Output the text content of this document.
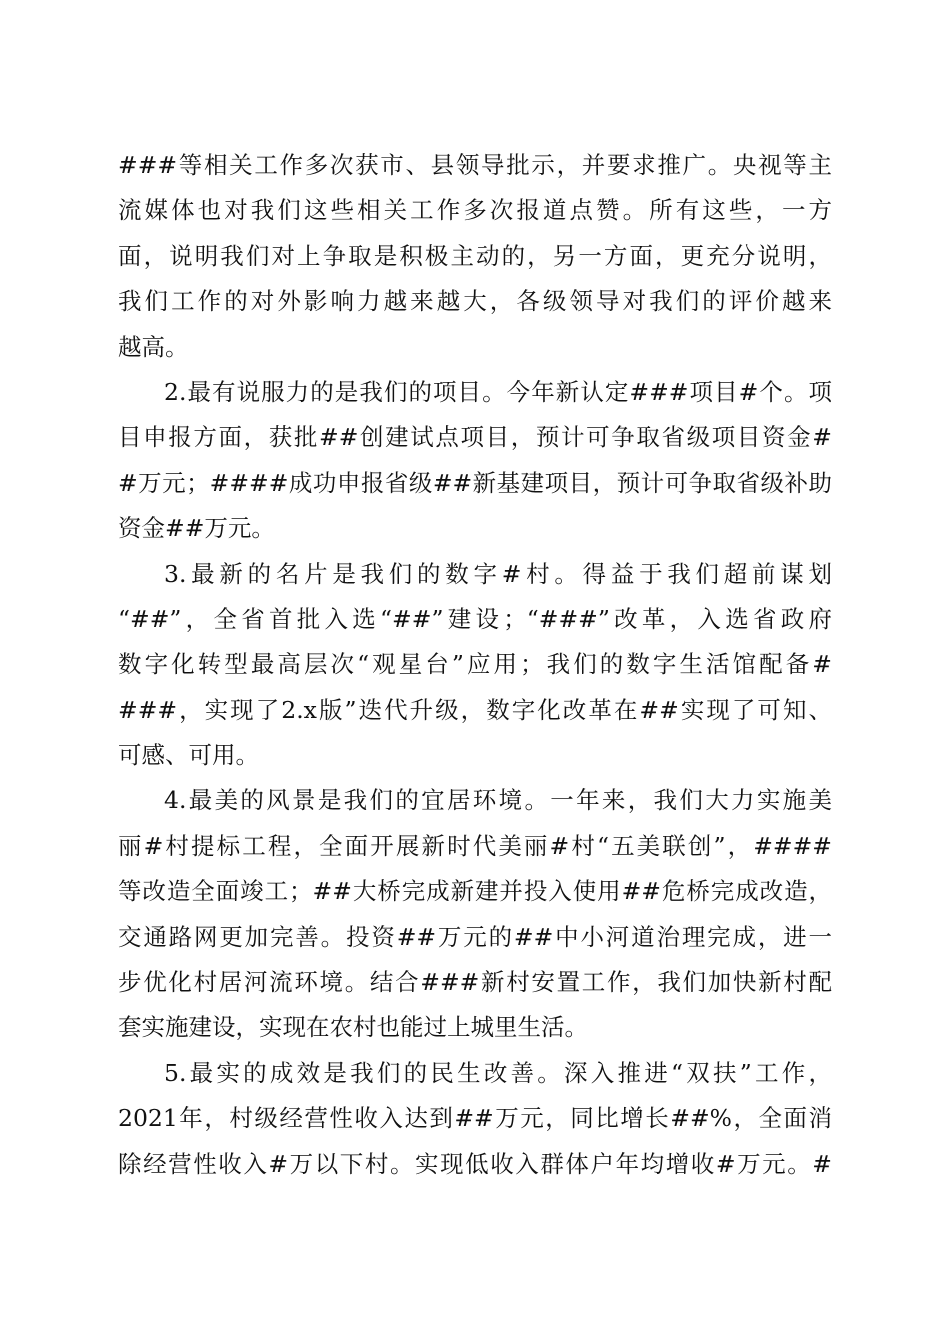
###等相关工作多次获市、县领导批示，并要求推广。央视等主
流媒体也对我们这些相关工作多次报道点赞。所有这些，一方
面，说明我们对上争取是积极主动的，另一方面，更充分说明，
我们工作的对外影响力越来越大，各级领导对我们的评价越来
越高。
2.最有说服力的是我们的项目。今年新认定###项目#个。项
目申报方面，获批##创建试点项目，预计可争取省级项目资金#
#万元；####成功申报省级##新基建项目，预计可争取省级补助
资金##万元。
3.最新的名片是我们的数字#村。得益于我们超前谋划
“##”，全省首批入选“##”建设；“###”改革，入选省政府
数字化转型最高层次“观星台”应用；我们的数字生活馆配备#
###，实现了2.x版”迭代升级，数字化改革在##实现了可知、
可感、可用。
4.最美的风景是我们的宜居环境。一年来，我们大力实施美
丽#村提标工程，全面开展新时代美丽#村“五美联创”，####
等改造全面竣工；##大桥完成新建并投入使用##危桥完成改造，
交通路网更加完善。投资##万元的##中小河道治理完成，进一
步优化村居河流环境。结合###新村安置工作，我们加快新村配
套实施建设，实现在农村也能过上城里生活。
5.最实的成效是我们的民生改善。深入推进“双扶”工作，
2021年，村级经营性收入达到##万元，同比增长##%，全面消
除经营性收入#万以下村。实现低收入群体户年均增收#万元。#
